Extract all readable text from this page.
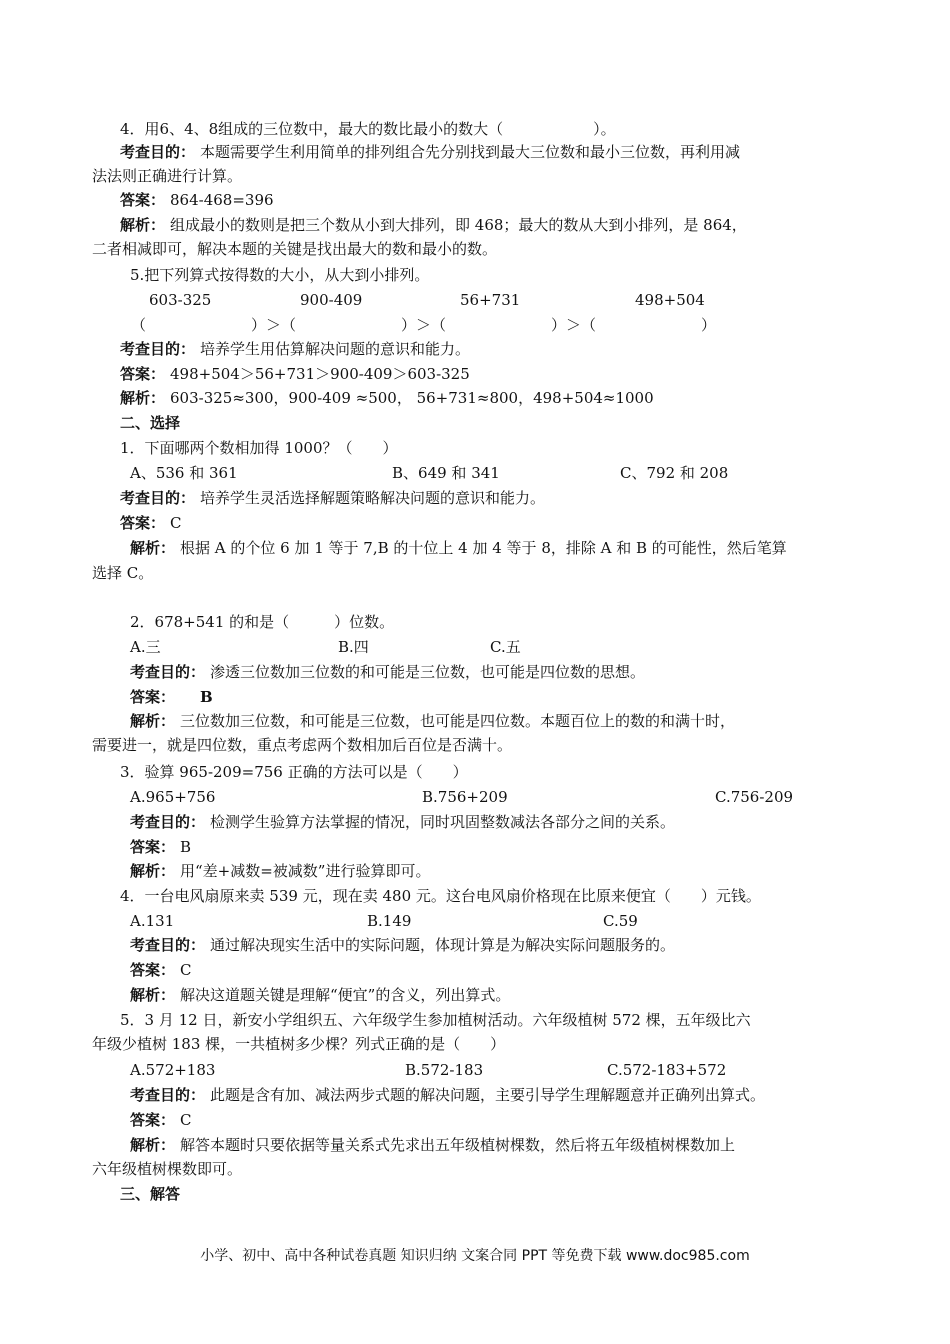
4．用6、4、8组成的三位数中，最大的数比最小的数大（　　　　　　）。
考查目的： 本题需要学生利用简单的排列组合先分别找到最大三位数和最小三位数，再利用减
法法则正确进行计算。
答案： 864-468=396
解析： 组成最小的数则是把三个数从小到大排列，即 468；最大的数从大到小排列，是 864，
二者相减即可，解决本题的关键是找出最大的数和最小的数。
5.把下列算式按得数的大小，从大到小排列。
603-325	900-409	56+731	498+504
（　　　　　　　）＞（　　　　　　　）＞（　　　　　　　）＞（　　　　　　　）
考查目的： 培养学生用估算解决问题的意识和能力。
答案： 498+504＞56+731＞900-409＞603-325
解析： 603-325≈300，900-409 ≈500， 56+731≈800，498+504≈1000
二、选择
1．下面哪两个数相加得 1000？（　　）
A、536 和 361	B、649 和 341	C、792 和 208
考查目的： 培养学生灵活选择解题策略解决问题的意识和能力。
答案： C
解析： 根据 A 的个位 6 加 1 等于 7,B 的十位上 4 加 4 等于 8，排除 A 和 B 的可能性，然后笔算
选择 C。
2．678+541 的和是（　　　）位数。
A.三	B.四	C.五
考查目的： 渗透三位数加三位数的和可能是三位数，也可能是四位数的思想。
答案： B
解析： 三位数加三位数，和可能是三位数，也可能是四位数。本题百位上的数的和满十时，
需要进一，就是四位数，重点考虑两个数相加后百位是否满十。
3．验算 965-209=756 正确的方法可以是（　　）
A.965+756	B.756+209	C.756-209
考查目的： 检测学生验算方法掌握的情况，同时巩固整数减法各部分之间的关系。
答案： B
解析： 用“差+减数=被减数”进行验算即可。
4．一台电风扇原来卖 539 元，现在卖 480 元。这台电风扇价格现在比原来便宜（　　）元钱。
A.131	B.149	C.59
考查目的： 通过解决现实生活中的实际问题，体现计算是为解决实际问题服务的。
答案： C
解析： 解决这道题关键是理解“便宜”的含义，列出算式。
5．3 月 12 日，新安小学组织五、六年级学生参加植树活动。六年级植树 572 棵，五年级比六
年级少植树 183 棵，一共植树多少棵？列式正确的是（　　）
A.572+183	B.572-183	C.572-183+572
考查目的： 此题是含有加、减法两步式题的解决问题，主要引导学生理解题意并正确列出算式。
答案： C
解析： 解答本题时只要依据等量关系式先求出五年级植树棵数，然后将五年级植树棵数加上
六年级植树棵数即可。
三、解答
小学、初中、高中各种试卷真题 知识归纳 文案合同 PPT 等免费下载 www.doc985.com
